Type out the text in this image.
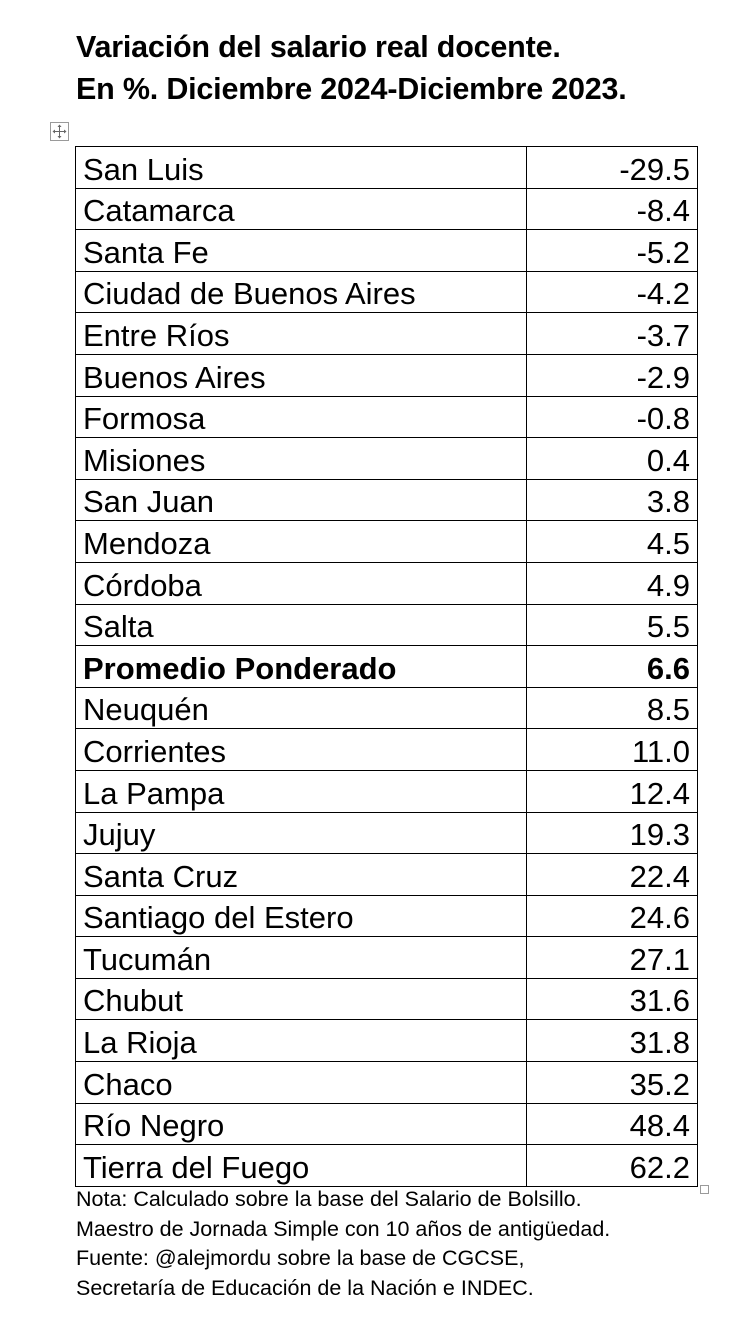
Variación del salario real docente.
En %. Diciembre 2024-Diciembre 2023.
San Luis	-29.5
Catamarca	-8.4
Santa Fe	-5.2
Ciudad de Buenos Aires	-4.2
Entre Ríos	-3.7
Buenos Aires	-2.9
Formosa	-0.8
Misiones	0.4
San Juan	3.8
Mendoza	4.5
Córdoba	4.9
Salta	5.5
Promedio Ponderado	6.6
Neuquén	8.5
Corrientes	11.0
La Pampa	12.4
Jujuy	19.3
Santa Cruz	22.4
Santiago del Estero	24.6
Tucumán	27.1
Chubut	31.6
La Rioja	31.8
Chaco	35.2
Río Negro	48.4
Tierra del Fuego	62.2
Nota: Calculado sobre la base del Salario de Bolsillo.
Maestro de Jornada Simple con 10 años de antigüedad.
Fuente: @alejmordu sobre la base de CGCSE,
Secretaría de Educación de la Nación e INDEC.
